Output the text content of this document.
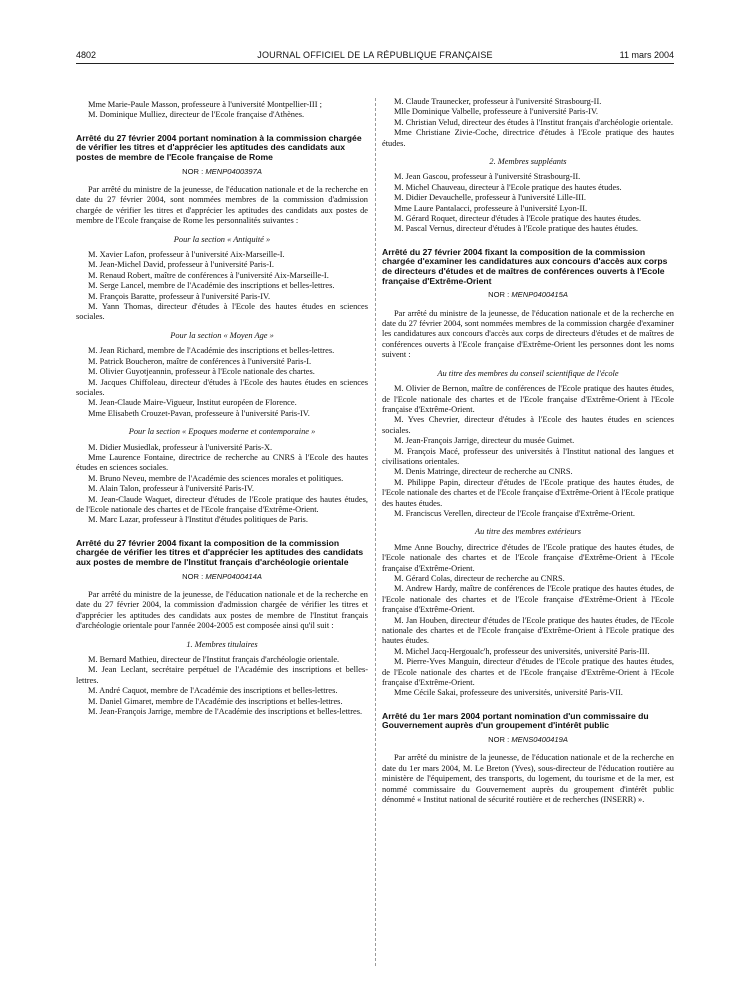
4802	JOURNAL OFFICIEL DE LA RÉPUBLIQUE FRANÇAISE	11 mars 2004

Mme Marie-Paule Masson, professeure à l'université Montpellier-III ;

M. Dominique Mulliez, directeur de l'Ecole française d'Athènes.

Arrêté du 27 février 2004 portant nomination à la commission chargée de vérifier les titres et d'apprécier les aptitudes des candidats aux postes de membre de l'Ecole française de Rome
NOR : MENP0400397A

Par arrêté du ministre de la jeunesse, de l'éducation nationale et de la recherche en date du 27 février 2004, sont nommées membres de la commission d'admission chargée de vérifier les titres et d'apprécier les aptitudes des candidats aux postes de membre de l'Ecole française de Rome les personnalités suivantes :

Pour la section « Antiquité »

M. Xavier Lafon, professeur à l'université Aix-Marseille-I.

M. Jean-Michel David, professeur à l'université Paris-I.

M. Renaud Robert, maître de conférences à l'université Aix-Marseille-I.

M. Serge Lancel, membre de l'Académie des inscriptions et belles-lettres.

M. François Baratte, professeur à l'université Paris-IV.

M. Yann Thomas, directeur d'études à l'Ecole des hautes études en sciences sociales.

Pour la section « Moyen Age »

M. Jean Richard, membre de l'Académie des inscriptions et belles-lettres.

M. Patrick Boucheron, maître de conférences à l'université Paris-I.

M. Olivier Guyotjeannin, professeur à l'Ecole nationale des chartes.

M. Jacques Chiffoleau, directeur d'études à l'Ecole des hautes études en sciences sociales.

M. Jean-Claude Maire-Vigueur, Institut européen de Florence.

Mme Elisabeth Crouzet-Pavan, professeure à l'université Paris-IV.

Pour la section « Epoques moderne et contemporaine »

M. Didier Musiedlak, professeur à l'université Paris-X.

Mme Laurence Fontaine, directrice de recherche au CNRS à l'Ecole des hautes études en sciences sociales.

M. Bruno Neveu, membre de l'Académie des sciences morales et politiques.

M. Alain Talon, professeur à l'université Paris-IV.

M. Jean-Claude Waquet, directeur d'études de l'Ecole pratique des hautes études, de l'Ecole nationale des chartes et de l'Ecole française d'Extrême-Orient.

M. Marc Lazar, professeur à l'Institut d'études politiques de Paris.

Arrêté du 27 février 2004 fixant la composition de la commission chargée de vérifier les titres et d'apprécier les aptitudes des candidats aux postes de membre de l'Institut français d'archéologie orientale
NOR : MENP0400414A

Par arrêté du ministre de la jeunesse, de l'éducation nationale et de la recherche en date du 27 février 2004, la commission d'admission chargée de vérifier les titres et d'apprécier les aptitudes des candidats aux postes de membre de l'Institut français d'archéologie orientale pour l'année 2004-2005 est composée ainsi qu'il suit :

1. Membres titulaires

M. Bernard Mathieu, directeur de l'Institut français d'archéologie orientale.

M. Jean Leclant, secrétaire perpétuel de l'Académie des inscriptions et belles-lettres.

M. André Caquot, membre de l'Académie des inscriptions et belles-lettres.

M. Daniel Gimaret, membre de l'Académie des inscriptions et belles-lettres.

M. Jean-François Jarrige, membre de l'Académie des inscriptions et belles-lettres.

M. Claude Traunecker, professeur à l'université Strasbourg-II.

Mlle Dominique Valbelle, professeure à l'université Paris-IV.

M. Christian Velud, directeur des études à l'Institut français d'archéologie orientale.

Mme Christiane Zivie-Coche, directrice d'études à l'Ecole pratique des hautes études.

2. Membres suppléants

M. Jean Gascou, professeur à l'université Strasbourg-II.

M. Michel Chauveau, directeur à l'Ecole pratique des hautes études.

M. Didier Devauchelle, professeur à l'université Lille-III.

Mme Laure Pantalacci, professeure à l'université Lyon-II.

M. Gérard Roquet, directeur d'études à l'Ecole pratique des hautes études.

M. Pascal Vernus, directeur d'études à l'Ecole pratique des hautes études.

Arrêté du 27 février 2004 fixant la composition de la commission chargée d'examiner les candidatures aux concours d'accès aux corps de directeurs d'études et de maîtres de conférences ouverts à l'Ecole française d'Extrême-Orient
NOR : MENP0400415A

Par arrêté du ministre de la jeunesse, de l'éducation nationale et de la recherche en date du 27 février 2004, sont nommées membres de la commission chargée d'examiner les candidatures aux concours d'accès aux corps de directeurs d'études et de maîtres de conférences ouverts à l'Ecole française d'Extrême-Orient les personnes dont les noms suivent :

Au titre des membres du conseil scientifique de l'école

M. Olivier de Bernon, maître de conférences de l'Ecole pratique des hautes études, de l'Ecole nationale des chartes et de l'Ecole française d'Extrême-Orient à l'Ecole française d'Extrême-Orient.

M. Yves Chevrier, directeur d'études à l'Ecole des hautes études en sciences sociales.

M. Jean-François Jarrige, directeur du musée Guimet.

M. François Macé, professeur des universités à l'Institut national des langues et civilisations orientales.

M. Denis Matringe, directeur de recherche au CNRS.

M. Philippe Papin, directeur d'études de l'Ecole pratique des hautes études, de l'Ecole nationale des chartes et de l'Ecole française d'Extrême-Orient à l'Ecole pratique des hautes études.

M. Franciscus Verellen, directeur de l'Ecole française d'Extrême-Orient.

Au titre des membres extérieurs

Mme Anne Bouchy, directrice d'études de l'Ecole pratique des hautes études, de l'Ecole nationale des chartes et de l'Ecole française d'Extrême-Orient à l'Ecole française d'Extrême-Orient.

M. Gérard Colas, directeur de recherche au CNRS.

M. Andrew Hardy, maître de conférences de l'Ecole pratique des hautes études, de l'Ecole nationale des chartes et de l'Ecole française d'Extrême-Orient à l'Ecole française d'Extrême-Orient.

M. Jan Houben, directeur d'études de l'Ecole pratique des hautes études, de l'Ecole nationale des chartes et de l'Ecole française d'Extrême-Orient à l'Ecole pratique des hautes études.

M. Michel Jacq-Hergoualc'h, professeur des universités, université Paris-III.

M. Pierre-Yves Manguin, directeur d'études de l'Ecole pratique des hautes études, de l'Ecole nationale des chartes et de l'Ecole française d'Extrême-Orient à l'Ecole française d'Extrême-Orient.

Mme Cécile Sakai, professeure des universités, université Paris-VII.

Arrêté du 1er mars 2004 portant nomination d'un commissaire du Gouvernement auprès d'un groupement d'intérêt public
NOR : MENS0400419A

Par arrêté du ministre de la jeunesse, de l'éducation nationale et de la recherche en date du 1er mars 2004, M. Le Breton (Yves), sous-directeur de l'éducation routière au ministère de l'équipement, des transports, du logement, du tourisme et de la mer, est nommé commissaire du Gouvernement auprès du groupement d'intérêt public dénommé « Institut national de sécurité routière et de recherches (INSERR) ».
